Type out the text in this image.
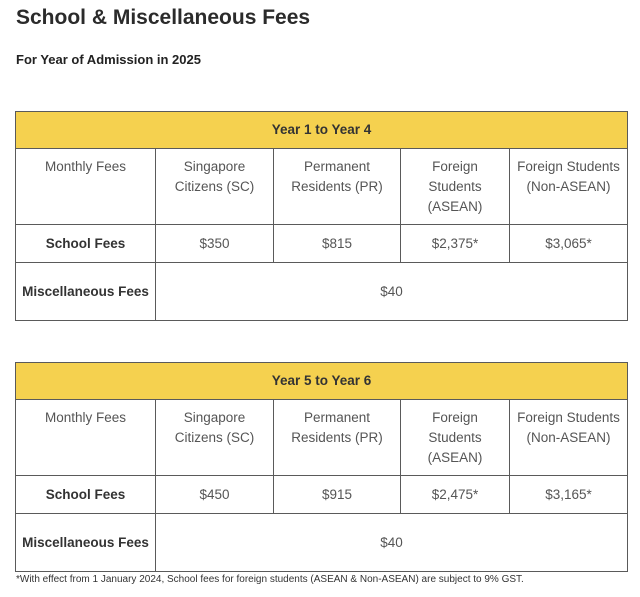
School & Miscellaneous Fees
For Year of Admission in 2025
Year 1 to Year 4				
Monthly Fees	Singapore Citizens (SC)	Permanent Residents (PR)	Foreign Students (ASEAN)	Foreign Students (Non-ASEAN)
School Fees	$350	$815	$2,375*	$3,065*
Miscellaneous Fees	$40			
Year 5 to Year 6				
Monthly Fees	Singapore Citizens (SC)	Permanent Residents (PR)	Foreign Students (ASEAN)	Foreign Students (Non-ASEAN)
School Fees	$450	$915	$2,475*	$3,165*
Miscellaneous Fees	$40			
*With effect from 1 January 2024, School fees for foreign students (ASEAN & Non-ASEAN) are subject to 9% GST.
